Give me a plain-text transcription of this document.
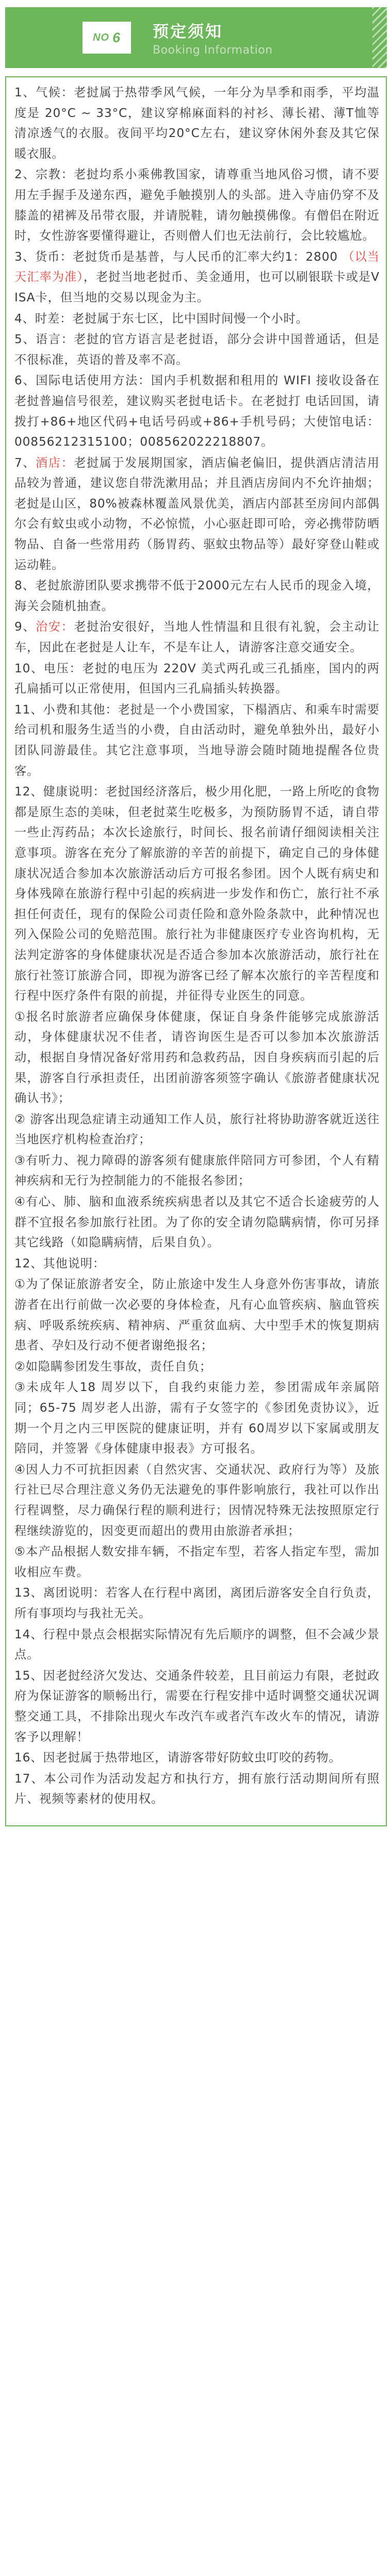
NO 6 预定须知
Booking Information

1、气候：老挝属于热带季风气候，一年分为旱季和雨季，平均温度是 20°C ~ 33°C，建议穿棉麻面料的衬衫、薄长裙、薄T恤等清凉透气的衣服。夜间平均20°C左右，建议穿休闲外套及其它保暖衣服。

2、宗教：老挝均系小乘佛教国家，请尊重当地风俗习惯，请不要用左手握手及递东西，避免手触摸别人的头部。进入寺庙仍穿不及膝盖的裙裤及吊带衣服，并请脱鞋，请勿触摸佛像。有僧侣在附近时，女性游客要懂得避让，否则僧人们也无法前行，会比较尴尬。

3、货币：老挝货币是基普，与人民币的汇率大约1：2800 （以当天汇率为准），老挝当地老挝币、美金通用，也可以刷银联卡或是VISA卡，但当地的交易以现金为主。

4、时差：老挝属于东七区，比中国时间慢一个小时。

5、语言：老挝的官方语言是老挝语，部分会讲中国普通话，但是不很标准，英语的普及率不高。

6、国际电话使用方法：国内手机数据和租用的 WIFI 接收设备在老挝普遍信号很差，建议购买老挝电话卡。在老挝打 电话回国，请拨打+86+地区代码+电话号码或+86+手机号码；大使馆电话：00856212315100；008562022218807。

7、酒店：老挝属于发展期国家，酒店偏老偏旧，提供酒店清洁用品较为普通，建议您自带洗漱用品；并且酒店房间内不允许抽烟；老挝是山区，80%被森林覆盖风景优美，酒店内部甚至房间内部偶尔会有蚊虫或小动物，不必惊慌，小心驱赶即可哈，旁必携带防晒物品、自备一些常用药（肠胃药、驱蚊虫物品等）最好穿登山鞋或运动鞋。

8、老挝旅游团队要求携带不低于2000元左右人民币的现金入境，海关会随机抽查。

9、治安：老挝治安很好，当地人性情温和且很有礼貌，会主动让车，因此在老挝是人让车，不是车让人，请游客注意交通安全。

10、电压：老挝的电压为 220V 美式两孔或三孔插座，国内的两孔扁插可以正常使用，但国内三孔扁插头转换器。

11、小费和其他：老挝是一个小费国家，下榻酒店、和乘车时需要给司机和服务生适当的小费，自由活动时，避免单独外出，最好小团队同游最佳。其它注意事项，当地导游会随时随地提醒各位贵客。

12、健康说明：老挝国经济落后，极少用化肥，一路上所吃的食物都是原生态的美味，但老挝菜生吃极多，为预防肠胃不适，请自带一些止泻药品；本次长途旅行，时间长、报名前请仔细阅读相关注意事项。游客在充分了解旅游的辛苦的前提下，确定自己的身体健康状况适合参加本次旅游活动后方可报名参团。因个人既有病史和身体残障在旅游行程中引起的疾病进一步发作和伤亡，旅行社不承担任何责任，现有的保险公司责任险和意外险条款中，此种情况也列入保险公司的免赔范围。旅行社为非健康医疗专业咨询机构，无法判定游客的身体健康状况是否适合参加本次旅游活动，旅行社在旅行社签订旅游合同，即视为游客已经了解本次旅行的辛苦程度和行程中医疗条件有限的前提，并征得专业医生的同意。

①报名时旅游者应确保身体健康，保证自身条件能够完成旅游活动，身体健康状况不佳者，请咨询医生是否可以参加本次旅游活动，根据自身情况备好常用药和急救药品，因自身疾病而引起的后果，游客自行承担责任，出团前游客须签字确认《旅游者健康状况确认书》；

② 游客出现急症请主动通知工作人员，旅行社将协助游客就近送往当地医疗机构检查治疗；

③有听力、视力障碍的游客须有健康旅伴陪同方可参团，个人有精神疾病和无行为控制能力的不能报名参团；

④有心、肺、脑和血液系统疾病患者以及其它不适合长途疲劳的人群不宜报名参加旅行社团。为了你的安全请勿隐瞒病情，你可另择其它线路（如隐瞒病情，后果自负）。

12、其他说明：

①为了保证旅游者安全，防止旅途中发生人身意外伤害事故，请旅游者在出行前做一次必要的身体检查，凡有心血管疾病、脑血管疾病、呼吸系统疾病、精神病、严重贫血病、大中型手术的恢复期病患者、孕妇及行动不便者谢绝报名；

②如隐瞒参团发生事故，责任自负；

③未成年人18 周岁以下，自我约束能力差，参团需成年亲属陪同；65-75 周岁老人出游，需有子女签字的《参团免责协议》，近期一个月之内三甲医院的健康证明，并有 60周岁以下家属或朋友陪同，并签署《身体健康申报表》方可报名。

④因人力不可抗拒因素（自然灾害、交通状况、政府行为等）及旅行社已尽合理注意义务仍无法避免的事件影响旅行，我社可以作出行程调整，尽力确保行程的顺利进行；因情况特殊无法按照原定行程继续游览的，因变更而超出的费用由旅游者承担；

⑤本产品根据人数安排车辆，不指定车型，若客人指定车型，需加收相应车费。

13、离团说明：若客人在行程中离团，离团后游客安全自行负责，所有事项均与我社无关。

14、行程中景点会根据实际情况有先后顺序的调整，但不会减少景点。

15、因老挝经济欠发达、交通条件较差，且目前运力有限，老挝政府为保证游客的顺畅出行，需要在行程安排中适时调整交通状况调整交通工具，不排除出现火车改汽车或者汽车改火车的情况，请游客予以理解！

16、因老挝属于热带地区，请游客带好防蚊虫叮咬的药物。

17、本公司作为活动发起方和执行方，拥有旅行活动期间所有照片、视频等素材的使用权。
